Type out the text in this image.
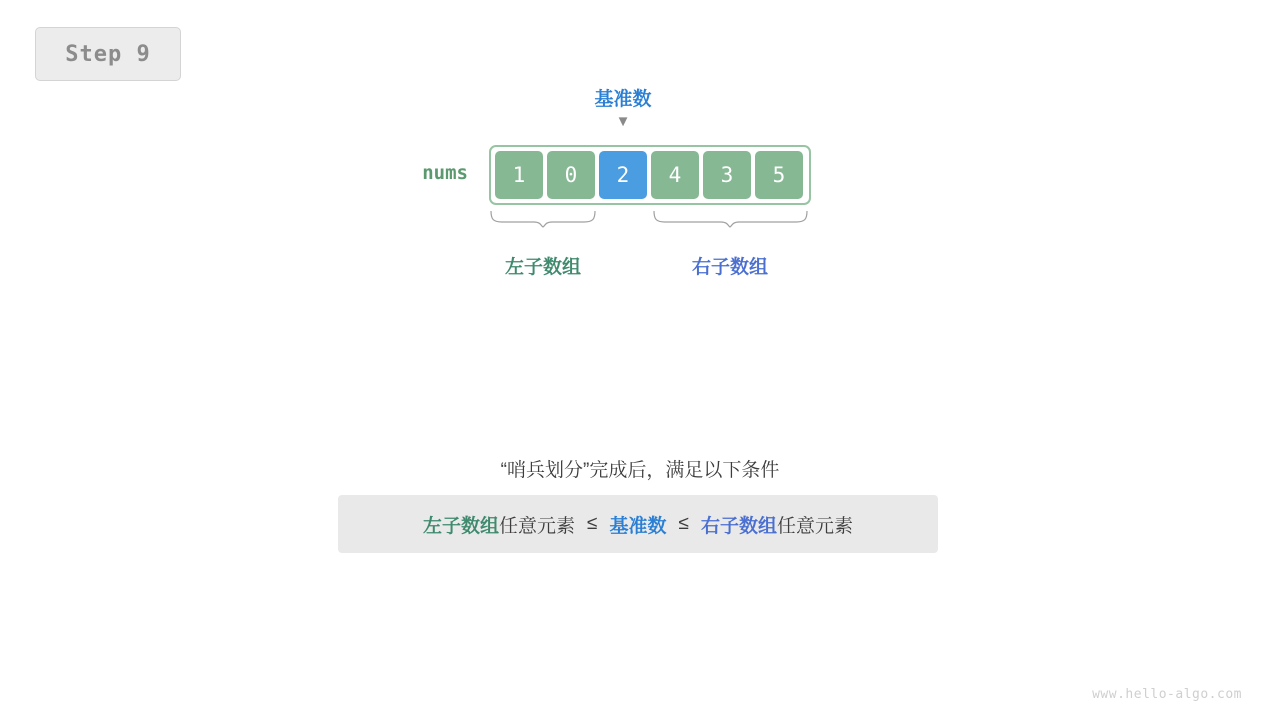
Step 9
基准数
▼
nums	1	0	2	4	3	5
左子数组	右子数组
“哨兵划分”完成后，满足以下条件
左子数组 任意元素 ≤ 基准数 ≤ 右子数组 任意元素
www.hello-algo.com
